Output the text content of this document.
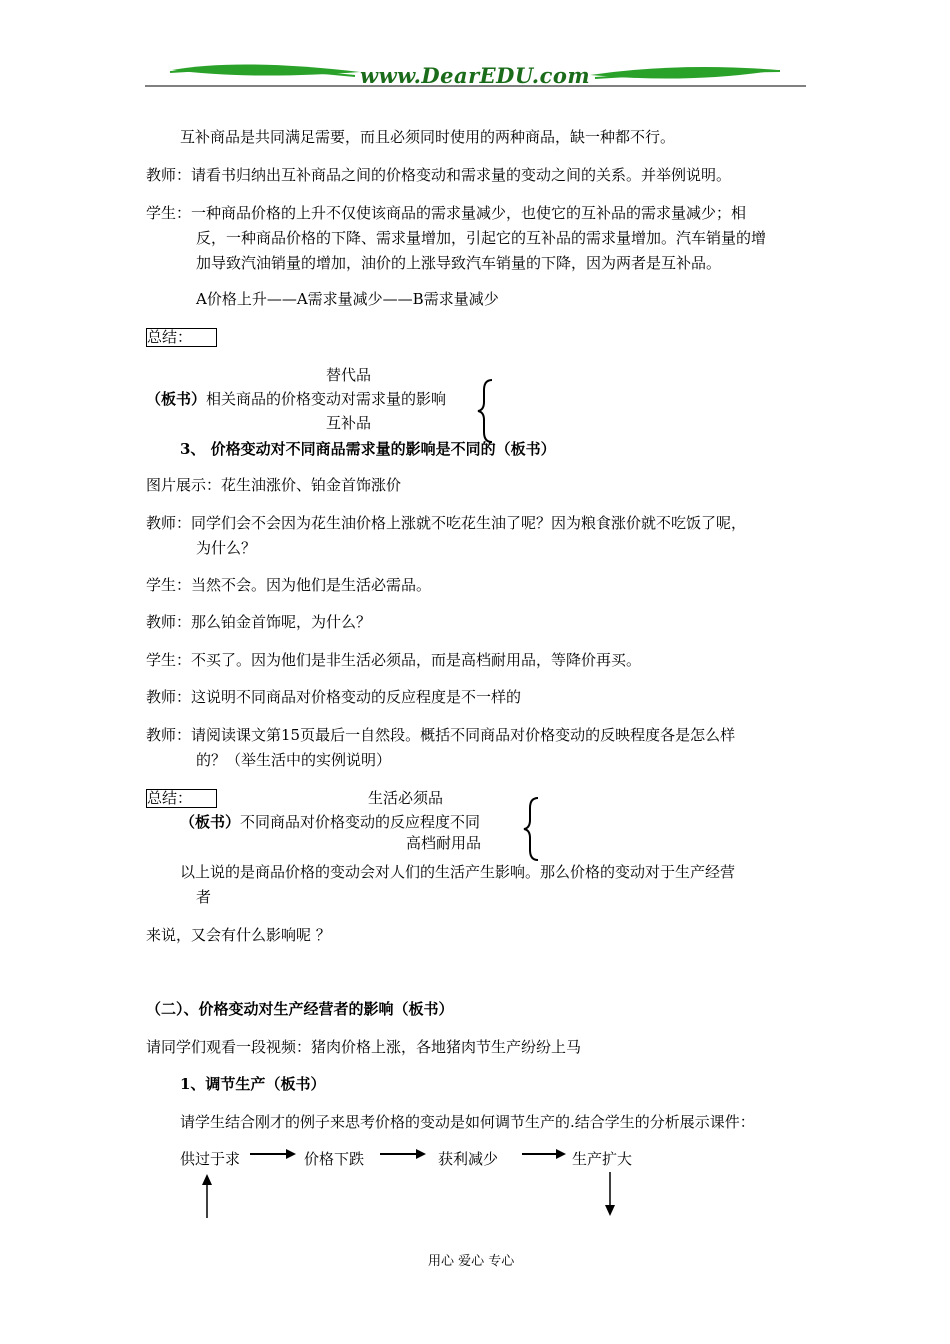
www.DearEDU.com
互补商品是共同满足需要，而且必须同时使用的两种商品，缺一种都不行。
教师：请看书归纳出互补商品之间的价格变动和需求量的变动之间的关系。并举例说明。
学生：一种商品价格的上升不仅使该商品的需求量减少，也使它的互补品的需求量减少；相
反，一种商品价格的下降、需求量增加，引起它的互补品的需求量增加。汽车销量的增
加导致汽油销量的增加，油价的上涨导致汽车销量的下降，因为两者是互补品。
A价格上升——A需求量减少——B需求量减少
总结：
替代品
（板书）相关商品的价格变动对需求量的影响
互补品
3、 价格变动对不同商品需求量的影响是不同的（板书）
图片展示：花生油涨价、铂金首饰涨价
教师：同学们会不会因为花生油价格上涨就不吃花生油了呢？因为粮食涨价就不吃饭了呢，
为什么？
学生：当然不会。因为他们是生活必需品。
教师：那么铂金首饰呢，为什么？
学生：不买了。因为他们是非生活必须品，而是高档耐用品，等降价再买。
教师：这说明不同商品对价格变动的反应程度是不一样的
教师：请阅读课文第15页最后一自然段。概括不同商品对价格变动的反映程度各是怎么样
的？（举生活中的实例说明）
总结：	生活必须品
（板书）不同商品对价格变动的反应程度不同
高档耐用品
以上说的是商品价格的变动会对人们的生活产生影响。那么价格的变动对于生产经营
者
来说，又会有什么影响呢 ？
（二）、价格变动对生产经营者的影响（板书）
请同学们观看一段视频：猪肉价格上涨，各地猪肉节生产纷纷上马
1、调节生产（板书）
请学生结合刚才的例子来思考价格的变动是如何调节生产的.结合学生的分析展示课件：
供过于求	价格下跌	获利减少	生产扩大
用心 爱心 专心
